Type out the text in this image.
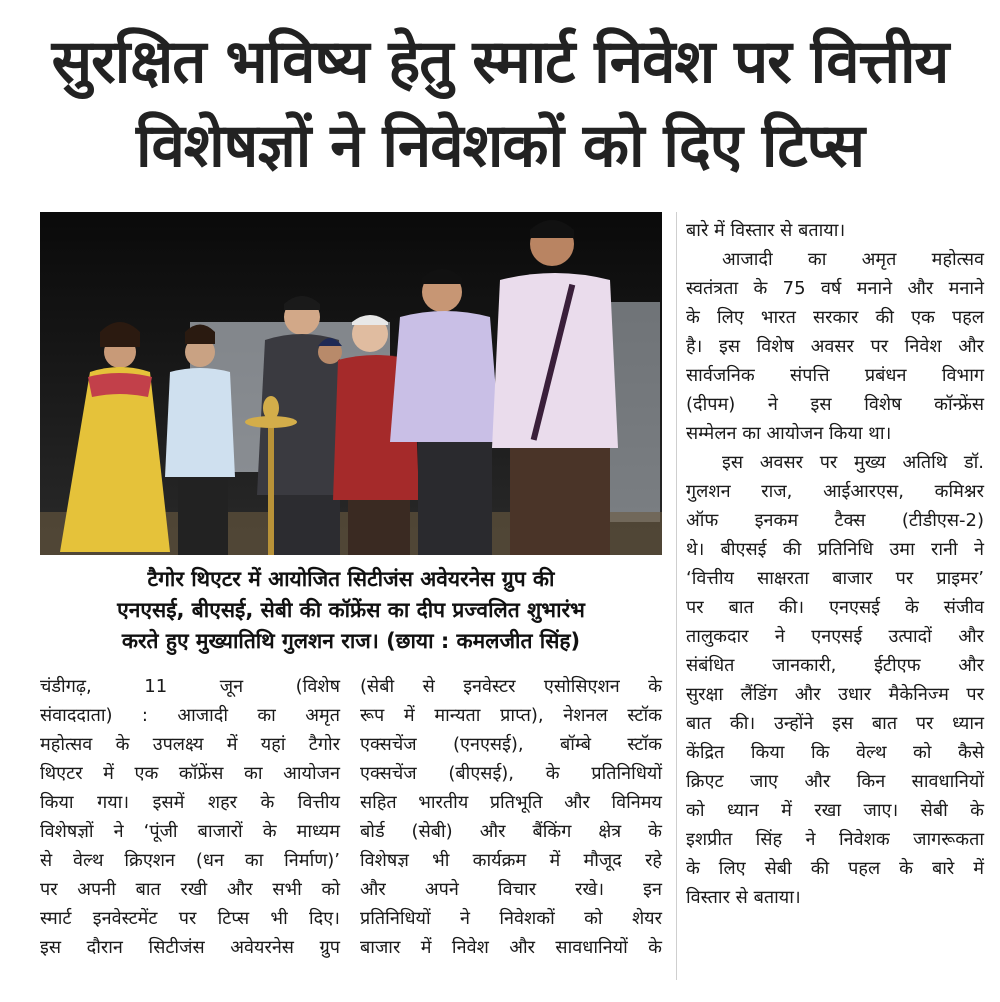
सुरक्षित भविष्य हेतु स्मार्ट निवेश पर वित्तीय
विशेषज्ञों ने निवेशकों को दिए टिप्स
टैगोर थिएटर में आयोजित सिटीजंस अवेयरनेस ग्रुप की
एनएसई, बीएसई, सेबी की कॉफ्रेंस का दीप प्रज्वलित शुभारंभ
करते हुए मुख्यातिथि गुलशन राज। (छाया : कमलजीत सिंह)
चंडीगढ़, 11 जून (विशेष
संवाददाता) : आजादी का अमृत
महोत्सव के उपलक्ष्य में यहां टैगोर
थिएटर में एक कॉफ्रेंस का आयोजन
किया गया। इसमें शहर के वित्तीय
विशेषज्ञों ने ‘पूंजी बाजारों के माध्यम
से वेल्थ क्रिएशन (धन का निर्माण)’
पर अपनी बात रखी और सभी को
स्मार्ट इनवेस्टमेंट पर टिप्स भी दिए।
इस दौरान सिटीजंस अवेयरनेस ग्रुप
(सेबी से इनवेस्टर एसोसिएशन के
रूप में मान्यता प्राप्त), नेशनल स्टॉक
एक्सचेंज (एनएसई), बॉम्बे स्टॉक
एक्सचेंज (बीएसई), के प्रतिनिधियों
सहित भारतीय प्रतिभूति और विनिमय
बोर्ड (सेबी) और बैंकिंग क्षेत्र के
विशेषज्ञ भी कार्यक्रम में मौजूद रहे
और अपने विचार रखे। इन
प्रतिनिधियों ने निवेशकों को शेयर
बाजार में निवेश और सावधानियों के
बारे में विस्तार से बताया।
आजादी का अमृत महोत्सव
स्वतंत्रता के 75 वर्ष मनाने और मनाने
के लिए भारत सरकार की एक पहल
है। इस विशेष अवसर पर निवेश और
सार्वजनिक संपत्ति प्रबंधन विभाग
(दीपम) ने इस विशेष कॉन्फ्रेंस
सम्मेलन का आयोजन किया था।
इस अवसर पर मुख्य अतिथि डॉ.
गुलशन राज, आईआरएस, कमिश्नर
ऑफ इनकम टैक्स (टीडीएस-2)
थे। बीएसई की प्रतिनिधि उमा रानी ने
‘वित्तीय साक्षरता बाजार पर प्राइमर’
पर बात की। एनएसई के संजीव
तालुकदार ने एनएसई उत्पादों और
संबंधित जानकारी, ईटीएफ और
सुरक्षा लैंडिंग और उधार मैकेनिज्म पर
बात की। उन्होंने इस बात पर ध्यान
केंद्रित किया कि वेल्थ को कैसे
क्रिएट जाए और किन सावधानियों
को ध्यान में रखा जाए। सेबी के
इशप्रीत सिंह ने निवेशक जागरूकता
के लिए सेबी की पहल के बारे में
विस्तार से बताया।
